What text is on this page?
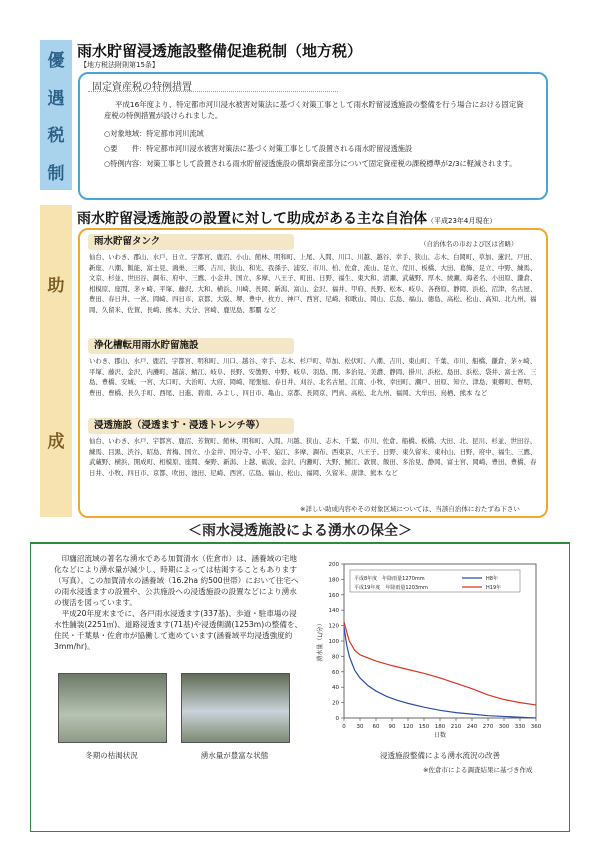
優
遇
税
制
助
成
雨水貯留浸透施設整備促進税制（地方税）
【地方税法附則第15条】
固定資産税の特例措置
平成16年度より、特定都市河川浸水被害対策法に基づく対策工事として雨水貯留浸透施設の整備を行う場合における固定資産税の特例措置が設けられました。
○対象地域：特定都市河川流域
○要　　件：特定都市河川浸水被害対策法に基づく対策工事として設置される雨水貯留浸透施設
○特例内容： 対策工事として設置される雨水貯留浸透施設の償却資産部分について固定資産税の課税標準が2/3に軽減されます。
雨水貯留浸透施設の設置に対して助成がある主な自治体（平成23年4月現在）
雨水貯留タンク	（自治体名の市および区は省略）
仙台、いわき、郡山、水戸、日立、宇都宮、鹿沼、小山、館林、明和町、上尾、入間、川口、川越、越谷、幸手、狭山、志木、白岡町、草加、蓮沢、戸田、新座、八潮、飯能、富士見、鴻巣、三郷、吉川、狭山、和光、我孫子、浦安、市川、柏、佐倉、流山、足立、荒川、板橋、大田、葛飾、足立、中野、練馬、文京、杉並、世田谷、調布、府中、三鷹、小金井、国立、多摩、八王子、町田、日野、福生、東大和、清瀬、武蔵野、厚木、綾瀬、海老名、小田原、鎌倉、相模原、座間、茅ヶ崎、平塚、藤沢、大和、横浜、川崎、長岡、新潟、富山、金沢、福井、甲府、長野、松本、岐阜、各務原、静岡、浜松、沼津、名古屋、豊田、春日井、一宮、岡崎、四日市、京都、大阪、堺、豊中、枚方、神戸、西宮、尼崎、和歌山、岡山、広島、福山、徳島、高松、松山、高知、北九州、福岡、久留米、佐賀、長崎、熊本、大分、宮崎、鹿児島、那覇 など
浄化槽転用雨水貯留施設
いわき、郡山、水戸、鹿沼、宇都宮、明和町、川口、越谷、幸手、志木、杉戸町、草加、松伏町、八潮、吉川、東山町、千葉、市川、船橋、鎌倉、茅ヶ崎、平塚、藤沢、金沢、内灘町、越前、鯖江、岐阜、長野、安曇野、中野、岐阜、羽島、関、多治見、美濃、静岡、掛川、浜松、島田、浜松、袋井、富士宮、三島、豊橋、安城、一宮、大口町、大治町、大府、岡崎、尾張旭、春日井、刈谷、北名古屋、江南、小牧、幸田町、瀬戸、田原、知立、津島、東郷町、豊明、豊田、豊橋、長久手町、西尾、日進、碧南、みよし、四日市、亀山、京都、長岡京、門真、高松、北九州、福岡、大牟田、鳥栖、熊本 など
浸透施設（浸透ます・浸透トレンチ等）
仙台、いわき、水戸、宇都宮、鹿沼、芳賀町、館林、明和町、入間、川越、狭山、志木、千葉、市川、佐倉、船橋、板橋、大田、北、昆川、杉並、世田谷、練馬、目黒、渋谷、昭島、青梅、国立、小金井、国分寺、小平、狛江、多摩、調布、西東京、八王子、日野、東久留米、東村山、日野、府中、福生、三鷹、武蔵野、横浜、開成町、相模原、座間、秦野、新潟、上越、砺波、金沢、内灘町、大野、鯖江、敦賀、飯田、多治見、静岡、富士宮、岡崎、豊田、豊橋、春日井、小牧、四日市、京都、吹田、池田、尼崎、西宮、広島、福山、松山、福岡、久留米、唐津、熊本 など
※詳しい助成内容やその対象区域については、当該自治体におたずね下さい
＜雨水浸透施設による湧水の保全＞
印旛沼流域の著名な湧水である加賀清水（佐倉市）は、涵養域の宅地化などにより湧水量が減少し、時期によっては枯渇することもあります（写真）。この加賀清水の涵養域（16.2ha 約500世帯）において住宅への雨水浸透ますの設置や、公共施設への浸透施設の設置などにより湧水の復活を図っています。
平成20年度末までに、各戸雨水浸透ます(337基)、歩道・駐車場の浸水性舗装(2251㎡)、道路浸透ます(71基)や浸透側溝(1253m)の整備を、住民・千葉県・佐倉市が協働して進めています(涵養域平均浸透強度約3mm/hr)。
冬期の枯渇状況	湧水量が豊富な状態
0
20
40
60
80
100
120
140
160
180
200
0 30 60 90 120 150 180 210 240 270 300 330 360
日数
湧水量（L/分）
平成8年度　年降雨量1270mm	H8年
平成19年度　年降雨量1203mm	H19年
浸透施設整備による湧水流況の改善
※佐倉市による調査結果に基づき作成
